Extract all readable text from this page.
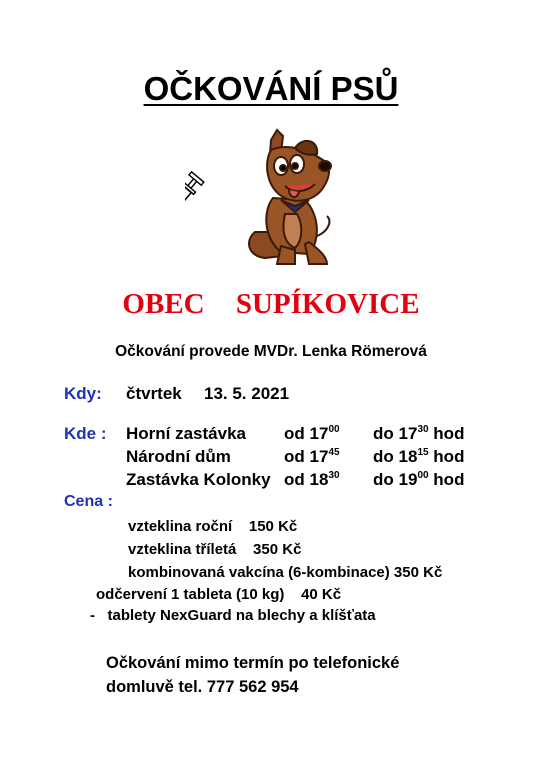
OČKOVÁNÍ PSŮ
OBEC SUPÍKOVICE
Očkování provede MVDr. Lenka Römerová
Kdy: čtvrtek 13. 5. 2021
Kde : Horní zastávka od $17^{00}$ do $17^{30}$ hod
Národní dům	od $17^{45}$ do $18^{15}$ hod
Zastávka Kolonky od $18^{30}$ do $19^{00}$ hod
Cena :
vzteklina roční    150 Kč
vzteklina tříletá    350 Kč
kombinovaná vakcína (6-kombinace) 350 Kč
odčervení 1 tableta (10 kg)    40 Kč
-   tablety NexGuard na blechy a klíšťata
Očkování mimo termín po telefonické
domluvě tel. 777 562 954
